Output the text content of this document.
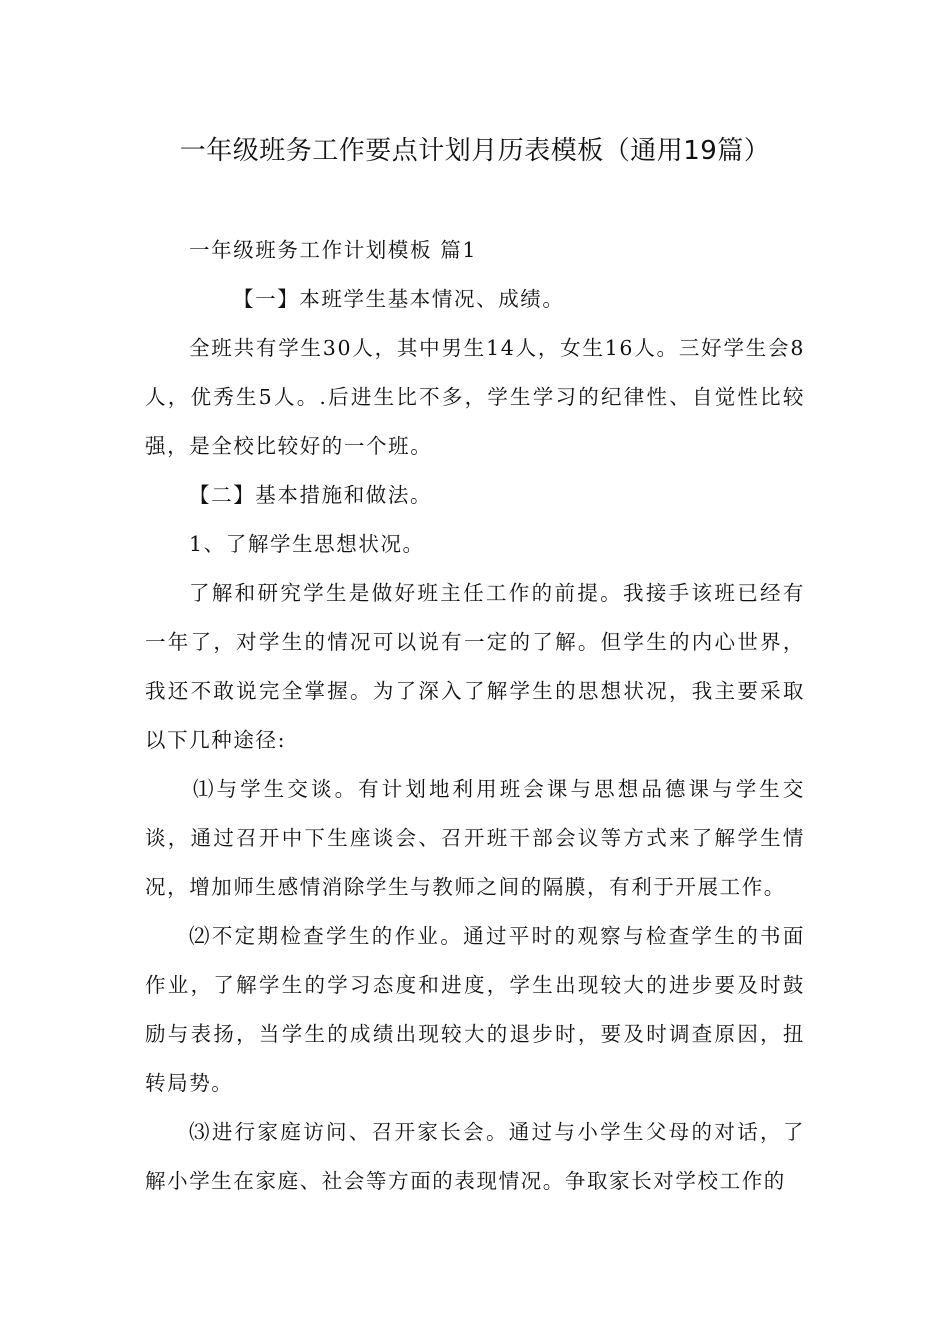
一年级班务工作要点计划月历表模板（通用19篇）

一年级班务工作计划模板 篇1

【一】本班学生基本情况、成绩。

全班共有学生30人，其中男生14人，女生16人。三好学生会8人，优秀生5人。.后进生比不多，学生学习的纪律性、自觉性比较强，是全校比较好的一个班。

【二】基本措施和做法。

1、了解学生思想状况。

了解和研究学生是做好班主任工作的前提。我接手该班已经有一年了，对学生的情况可以说有一定的了解。但学生的内心世界，我还不敢说完全掌握。为了深入了解学生的思想状况，我主要采取以下几种途径:

⑴与学生交谈。有计划地利用班会课与思想品德课与学生交谈，通过召开中下生座谈会、召开班干部会议等方式来了解学生情况，增加师生感情消除学生与教师之间的隔膜，有利于开展工作。

⑵不定期检查学生的作业。通过平时的观察与检查学生的书面作业，了解学生的学习态度和进度，学生出现较大的进步要及时鼓励与表扬，当学生的成绩出现较大的退步时，要及时调查原因，扭转局势。

⑶进行家庭访问、召开家长会。通过与小学生父母的对话，了解小学生在家庭、社会等方面的表现情况。争取家长对学校工作的
